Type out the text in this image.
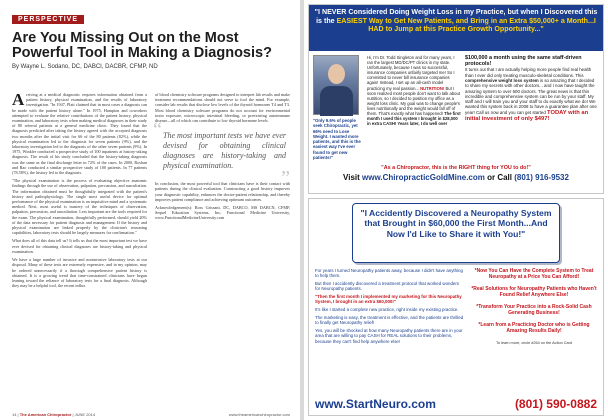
PERSPECTIVE
Are You Missing Out on the Most Powerful Tool in Making a Diagnosis?
By Wayne L. Sodano, DC, DABCI, DACBR, CFMP, ND

Arriving at a medical diagnostic requires information obtained from a patient history, physical examination, and the results of laboratory investigation. "In 1947, Platt claimed that in most cases a diagnosis can be made with the patient history alone." In 1975, Hampton and coworkers attempted to evaluate the relative contributions of the patient history, physical examination, and laboratory tests when making medical diagnoses in their study of 80 referral patients at a general medicine clinic. They found that the diagnosis predicted after taking the history agreed with the accepted diagnosis two months after the initial visit for 66 of the 80 patients (82%), while the physical examination led to the diagnosis for seven patients (9%), and the laboratory investigation led to the diagnosis of the other seven patients (9%). In 1975, Winkler conducted a prospective study of 100 inpatients at history-taking diagnosis. The result of his study concluded that the history-taking diagnosis was the same as the final discharge letter in 72% of the cases. In 2000, Roshan and Rao conducted a similar prospective study of 100 patients. In 77 patients (78.58%), the history led to the diagnosis.

"The physical examination is the process of evaluating objective anatomic findings through the use of observation, palpation, percussion, and auscultation. The information obtained must be thoughtfully integrated with the patient's history and pathophysiology. The single most useful device for optimal performance of the physical examination is an inquisitive mind and a systematic method. Next, most useful is mastery of the techniques of observation, palpation, percussion, and auscultation. Less important are the tools required for the exam. The physical examination, thoughtfully performed, should yield 20% of the data necessary for patient diagnosis and management. If the history and physical examination are linked properly by the clinician's reasoning capabilities, laboratory tests should be largely measures for confirmation."

What does all of this data tell us? It tells us that the most important test we have ever devised for obtaining clinical diagnoses are history-taking and physical examination.

We have a large number of invasive and noninvasive laboratory tests at our disposal. Many of these tests are extremely expensive, and in my opinion, may be ordered unnecessarily if a thorough comprehensive patient history is obtained. It is a growing trend that time-constrained clinicians have begun leaning toward the reliance of laboratory tests for a final diagnosis. Although they may be a helpful tool, the recent influx

of blood chemistry software programs designed to interpret lab results and make treatment recommendations should not serve to fool the mind. For example, consider lab results that disclose low levels of the thyroid hormones T4 and T3. Most blood chemistry software programs do not account for environmental toxin exposure, microscopic intestinal bleeding, or preexisting autoimmune disease—all of which can contribute to low thyroid hormone levels.

“ The most important tests we have ever devised for obtaining clinical diagnoses are history-taking and physical examination.
”

In conclusion, the most powerful tool that clinicians have is their contact with patients during the clinical evaluation. Constructing a good history improves your diagnostic capability, enhances the doctor-patient relationship, and thereby improves patient compliance and achieving optimum outcomes.

Acknowledgement(s): Ross Grissani, DC, DABCO, MS DABCN, CFMP, Sequel Education Systems, Inc, Functional Medicine University, www.FunctionalMedicineUniversity.com

14 | The American Chiropractor | JUNE 2014	www.theamericanchiropractor.com
"I NEVER Considered Doing Weight Loss in my Practice, but when I Discovered this is the EASIEST Way to Get New Patients, and Bring in an Extra $50,000+ a Month...I HAD to Jump at this Practice Growth Opportunity..."
"Only 9.6% of people seek Chiropractic, yet 66% need to Lose Weight. I wanted more patients, and this is the easiest way I've ever found to get new patients!"
Hi, I'm Dr. Todd Singleton and for many years, I ran the largest MD/DC/PT clinics in my state. Unfortunately, because I was so successful, insurance companies unfairly targeted me! So I committed to never bill insurance companies again! Instead, I set up an all-cash model practicing my real passion... NUTRITION! But I soon realized most people don't want to talk about nutrition, so I decided to position my office as a weight loss clinic. My goal was to change people's lives nutritionally and the weight would fall off of them. That's exactly what has happened! The first month I used this system I brought in $28,000 in extra CASH! Years later, I do well over
$100,000 a month using the same staff-driven protocols!
It turns out that I am actually helping more people find real health than I ever did only treating musculo-skeletal conditions. This comprehensive weight loss system is so amazing that I decided to share my secrets with other doctors... and I now have taught the amazing system to over 600 doctors. The great news is that this incredible and comprehensive system can be run by your staff. My staff and I will train you and your staff to do exactly what we do! We wanted this system back in 2008 to have a guarantee plan after one year! Call us now and you can get started TODAY with an initial investment of only $497!
"As a Chiropractor, this is the RIGHT thing for YOU to do!"
Visit www.ChiropracticGoldMine.com or Call (801) 916-9532
"I Accidently Discovered a Neuropathy System that Brought in $60,000 the First Month...And Now I'd Like to Share it with You!"

For years I turned Neuropathy patients away, because I didn't have anything to help them.

But then I accidently discovered a treatment protocol that worked wonders for Neuropathy patients.

"Then the first month I implemented my marketing for this Neuropathy System, I brought in an extra $60,000!"

It's like I started a complete new practice, right inside my existing practice.

The marketing is easy, the treatment is effective, and the patients are thrilled to finally get Neuropathy relief!

Yes, you will be shocked at how many Neuropathy patients there are in your area that are willing to pay CASH for REAL solutions to their problems, because they can't find help anywhere else!

*Now You Can Have the Complete System to Treat Neuropathy at a Price You Can Afford!

*Real Solutions for Neuropathy Patients who Haven't Found Relief Anywhere Else!

*Transform Your Practice into a Rock-Solid Cash Generating Business!

*Learn from a Practicing Doctor who is Getting Amazing Results Daily!

To learn more, circle #264 on the Action Card

www.StartNeuro.com	(801) 590-0882
